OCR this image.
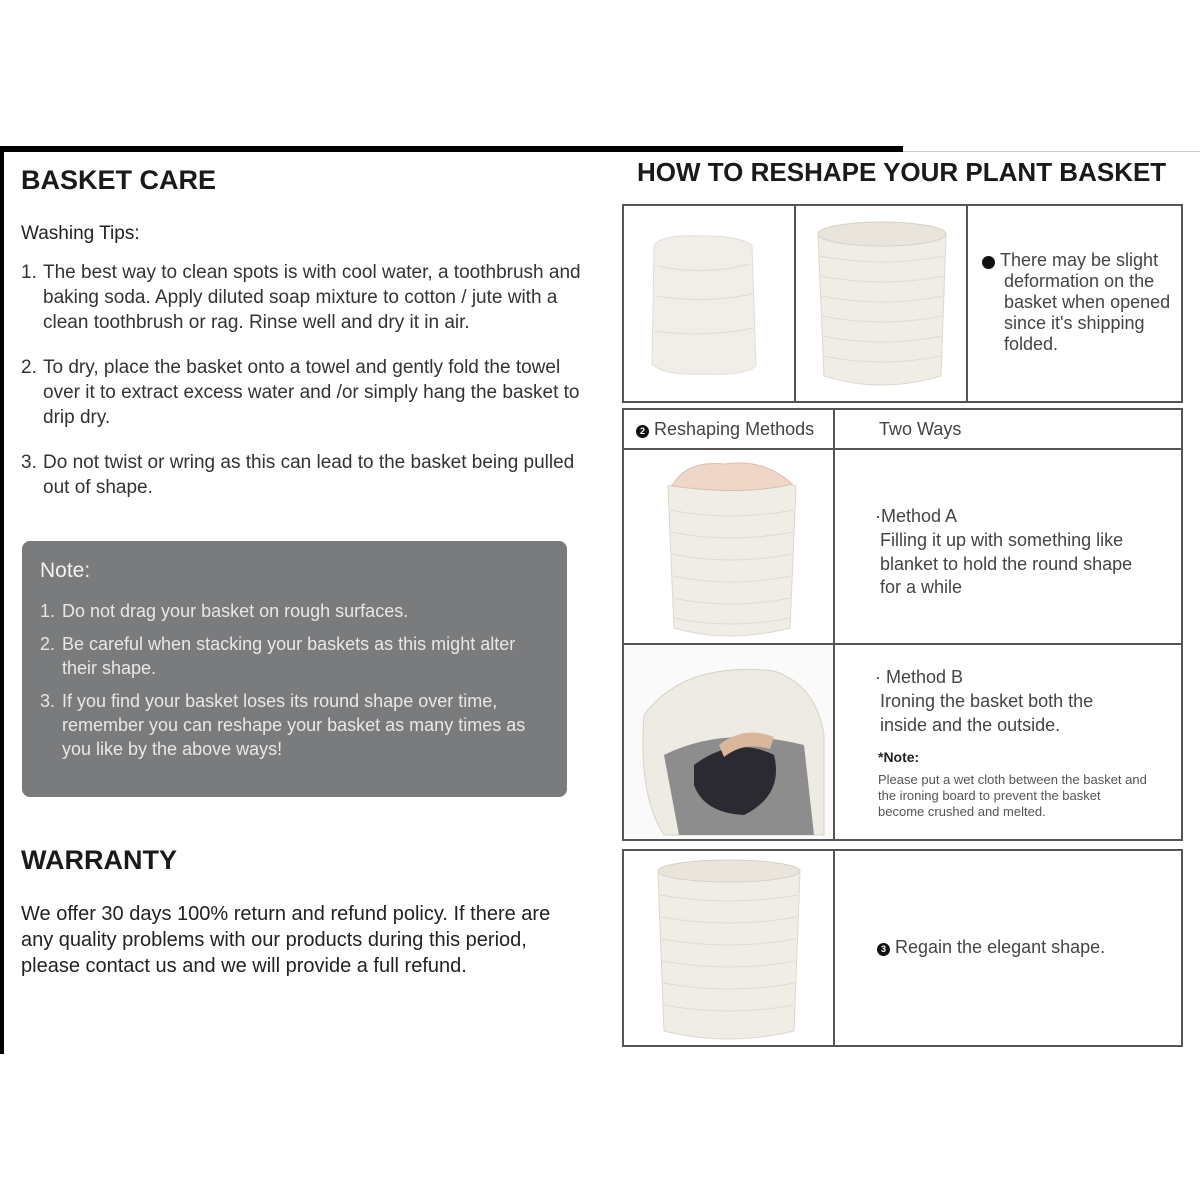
BASKET CARE
Washing Tips:
1. The best way to clean spots is with cool water, a toothbrush and baking soda. Apply diluted soap mixture to cotton / jute with a clean toothbrush or rag. Rinse well and dry it in air.
2. To dry, place the basket onto a towel and gently fold the towel over it to extract excess water and /or simply hang the basket to drip dry.
3. Do not twist or wring as this can lead to the basket being pulled out of shape.
Note:
1. Do not drag your basket on rough surfaces.
2. Be careful when stacking your baskets as this might alter their shape.
3. If you find your basket loses its round shape over time, remember you can reshape your basket as many times as you like by the above ways!
WARRANTY
We offer 30 days 100% return and refund policy. If there are any quality problems with our products during this period, please contact us and we will provide a full refund.
HOW TO RESHAPE YOUR PLANT BASKET
1 There may be slight deformation on the basket when opened since it's shipping folded.
2 Reshaping Methods	Two Ways
·Method A
Filling it up with something like blanket to hold the round shape for a while
· Method B
Ironing the basket both the inside and the outside.
*Note:
Please put a wet cloth between the basket and the ironing board to prevent the basket become crushed and melted.
3 Regain the elegant shape.
